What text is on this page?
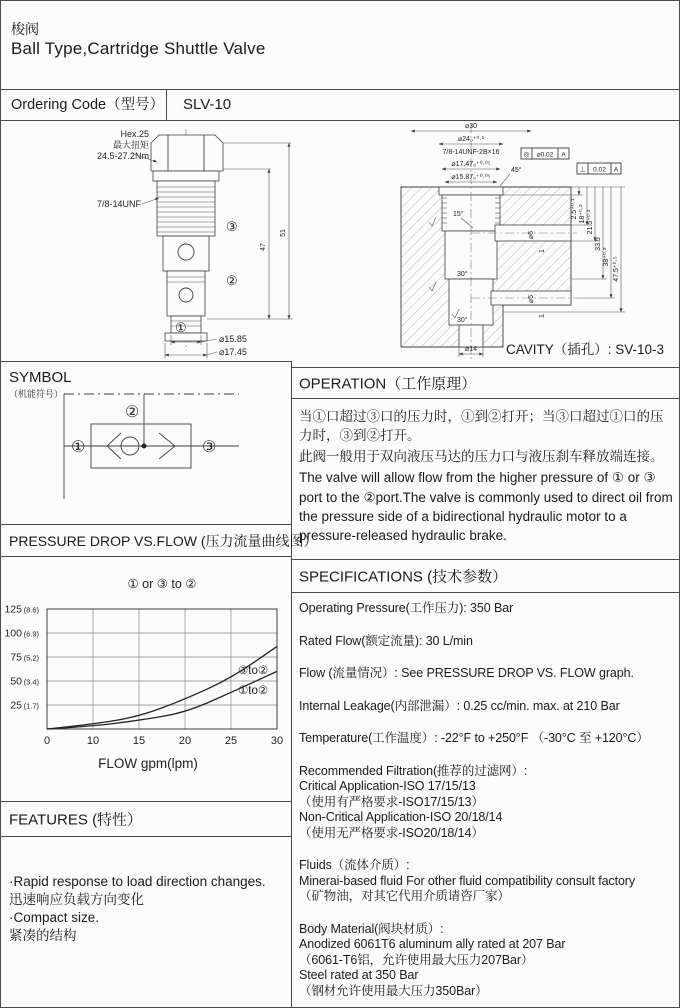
梭阀
Ball Type,Cartridge Shuttle Valve
Ordering Code（型号） SLV-10
Hex.25
最大扭矩
24.5-27.2Nm
7/8-14UNF
③
②
①
47
51
⌀15.85
⌀17.45
⌀30
⌀24₀⁺⁰·¹
7/8-14UNF-2B×16
⌀17.47₀⁺⁰·⁰⁵
⌀15.87₀⁺⁰·⁰⁵
45°
◎ ⌀0.02 A
⊥ 0.02 A
15°
30°
30°
⌀6
1
⌀5
1
⌀14
2.5⁺⁰·¹ 18⁺⁰·² 21.5⁺⁰·²
33.5
38⁺⁰·² 47.5⁺⁰·⁵
CAVITY（插孔）: SV-10-3
SYMBOL
（机能符号）
①
②
③
OPERATION（工作原理）

当①口超过③口的压力时，①到②打开；当③口超过①口的压力时，③到②打开。

此阀一般用于双向液压马达的压力口与液压刹车释放端连接。

The valve will allow flow from the higher pressure of ① or ③ port to the ②port.The valve is commonly used to direct oil from the pressure side of a bidirectional hydraulic motor to a pressure-released hydraulic brake.

PRESSURE DROP VS.FLOW (压力流量曲线图）
25 (1.7)
50 (3.4)
75 (5.2)
100 (6.9)
125 (8.6)
0	10	15	20	25	30
① or ③ to ②
FLOW gpm(lpm)
③to②
①to②
SPECIFICATIONS (技术参数）
Operating Pressure(工作压力): 350 Bar
Rated Flow(额定流量): 30 L/min
Flow (流量情况）: See PRESSURE DROP VS. FLOW graph.
Internal Leakage(内部泄漏）: 0.25 cc/min. max. at 210 Bar
Temperature(工作温度）: -22°F to +250°F （-30°C 至 +120°C）
Recommended Filtration(推荐的过滤网）:
Critical Application-ISO 17/15/13
（使用有严格要求-ISO17/15/13）
Non-Critical Application-ISO 20/18/14
（使用无严格要求-ISO20/18/14）
Fluids（流体介质）:
Minerai-based fluid For other fluid compatibility consult factory
（矿物油，对其它代用介质请咨厂家）
Body Material(阀块材质）:
Anodized 6061T6 aluminum ally rated at 207 Bar
（6061-T6铝，允许使用最大压力207Bar）
Steel rated at 350 Bar
（钢材允许使用最大压力350Bar）
FEATURES (特性）
·Rapid response to load direction changes.
迅速响应负载方向变化
·Compact size.
紧凑的结构
